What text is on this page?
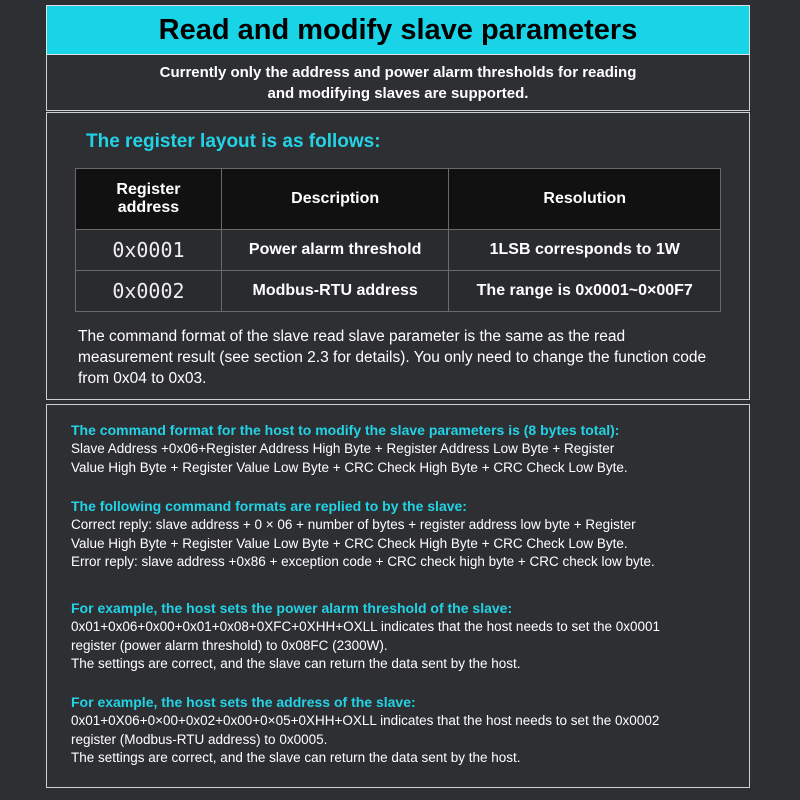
Read and modify slave parameters
Currently only the address and power alarm thresholds for reading
and modifying slaves are supported.
The register layout is as follows:
Register address	Description	Resolution
0x0001	Power alarm threshold	1LSB corresponds to 1W
0x0002	Modbus-RTU address	The range is 0x0001~0×00F7
The command format of the slave read slave parameter is the same as the read measurement result (see section 2.3 for details). You only need to change the function code from 0x04 to 0x03.
The command format for the host to modify the slave parameters is (8 bytes total):

Slave Address +0x06+Register Address High Byte + Register Address Low Byte + Register

Value High Byte + Register Value Low Byte + CRC Check High Byte + CRC Check Low Byte.

The following command formats are replied to by the slave:

Correct reply: slave address + 0 × 06 + number of bytes + register address low byte + Register

Value High Byte + Register Value Low Byte + CRC Check High Byte + CRC Check Low Byte.

Error reply: slave address +0x86 + exception code + CRC check high byte + CRC check low byte.

For example, the host sets the power alarm threshold of the slave:

0x01+0x06+0x00+0x01+0x08+0XFC+0XHH+OXLL indicates that the host needs to set the 0x0001

register (power alarm threshold) to 0x08FC (2300W).

The settings are correct, and the slave can return the data sent by the host.

For example, the host sets the address of the slave:

0x01+0X06+0×00+0x02+0x00+0×05+0XHH+OXLL indicates that the host needs to set the 0x0002

register (Modbus-RTU address) to 0x0005.

The settings are correct, and the slave can return the data sent by the host.
